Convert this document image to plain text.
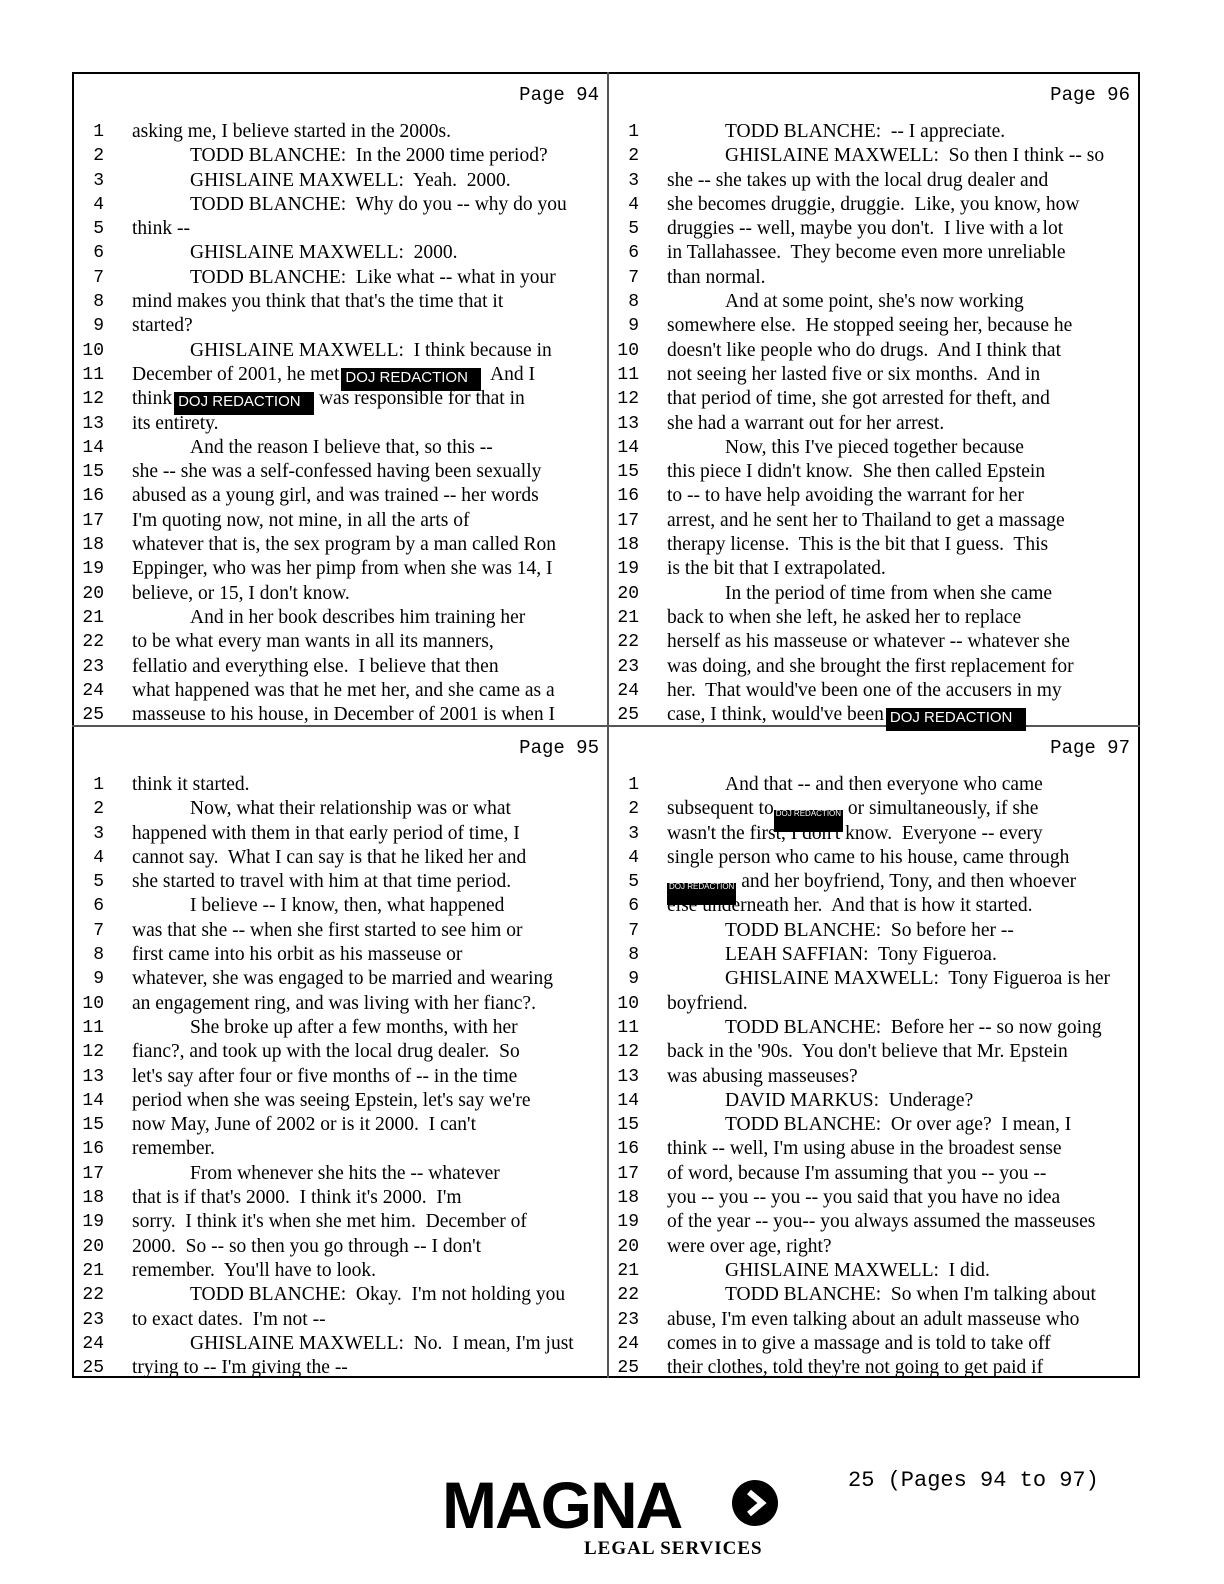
Page 94
1 asking me, I believe started in the 2000s.
2	TODD BLANCHE:  In the 2000 time period?
3	GHISLAINE MAXWELL:  Yeah.  2000.
4	TODD BLANCHE:  Why do you -- why do you
5 think --
6	GHISLAINE MAXWELL:  2000.
7	TODD BLANCHE:  Like what -- what in your
8 mind makes you think that that's the time that it
9 started?
10	GHISLAINE MAXWELL:  I think because in
11 December of 2001, he met DOJ REDACTION  And I
12 think DOJ REDACTION was responsible for that in
13 its entirety.
14	And the reason I believe that, so this --
15 she -- she was a self-confessed having been sexually
16 abused as a young girl, and was trained -- her words
17 I'm quoting now, not mine, in all the arts of
18 whatever that is, the sex program by a man called Ron
19 Eppinger, who was her pimp from when she was 14, I
20 believe, or 15, I don't know.
21	And in her book describes him training her
22 to be what every man wants in all its manners,
23 fellatio and everything else.  I believe that then
24 what happened was that he met her, and she came as a
25 masseuse to his house, in December of 2001 is when I
Page 96
1	TODD BLANCHE:  -- I appreciate.
2	GHISLAINE MAXWELL:  So then I think -- so
3 she -- she takes up with the local drug dealer and
4 she becomes druggie, druggie.  Like, you know, how
5 druggies -- well, maybe you don't.  I live with a lot
6 in Tallahassee.  They become even more unreliable
7 than normal.
8	And at some point, she's now working
9 somewhere else.  He stopped seeing her, because he
10 doesn't like people who do drugs.  And I think that
11 not seeing her lasted five or six months.  And in
12 that period of time, she got arrested for theft, and
13 she had a warrant out for her arrest.
14	Now, this I've pieced together because
15 this piece I didn't know.  She then called Epstein
16 to -- to have help avoiding the warrant for her
17 arrest, and he sent her to Thailand to get a massage
18 therapy license.  This is the bit that I guess.  This
19 is the bit that I extrapolated.
20	In the period of time from when she came
21 back to when she left, he asked her to replace
22 herself as his masseuse or whatever -- whatever she
23 was doing, and she brought the first replacement for
24 her.  That would've been one of the accusers in my
25 case, I think, would've been DOJ REDACTION
Page 95
1 think it started.
2	Now, what their relationship was or what
3 happened with them in that early period of time, I
4 cannot say.  What I can say is that he liked her and
5 she started to travel with him at that time period.
6	I believe -- I know, then, what happened
7 was that she -- when she first started to see him or
8 first came into his orbit as his masseuse or
9 whatever, she was engaged to be married and wearing
10 an engagement ring, and was living with her fianc?.
11	She broke up after a few months, with her
12 fianc?, and took up with the local drug dealer.  So
13 let's say after four or five months of -- in the time
14 period when she was seeing Epstein, let's say we're
15 now May, June of 2002 or is it 2000.  I can't
16 remember.
17	From whenever she hits the -- whatever
18 that is if that's 2000.  I think it's 2000.  I'm
19 sorry.  I think it's when she met him.  December of
20 2000.  So -- so then you go through -- I don't
21 remember.  You'll have to look.
22	TODD BLANCHE:  Okay.  I'm not holding you
23 to exact dates.  I'm not --
24	GHISLAINE MAXWELL:  No.  I mean, I'm just
25 trying to -- I'm giving the --
Page 97
1	And that -- and then everyone who came
2 subsequent to DOJ REDACTION or simultaneously, if she
3 wasn't the first, I don't know.  Everyone -- every
4 single person who came to his house, came through
5	DOJ REDACTION and her boyfriend, Tony, and then whoever
6 else underneath her.  And that is how it started.
7	TODD BLANCHE:  So before her --
8	LEAH SAFFIAN:  Tony Figueroa.
9	GHISLAINE MAXWELL:  Tony Figueroa is her
10 boyfriend.
11	TODD BLANCHE:  Before her -- so now going
12 back in the '90s.  You don't believe that Mr. Epstein
13 was abusing masseuses?
14	DAVID MARKUS:  Underage?
15	TODD BLANCHE:  Or over age?  I mean, I
16 think -- well, I'm using abuse in the broadest sense
17 of word, because I'm assuming that you -- you --
18 you -- you -- you -- you said that you have no idea
19 of the year -- you-- you always assumed the masseuses
20 were over age, right?
21	GHISLAINE MAXWELL:  I did.
22	TODD BLANCHE:  So when I'm talking about
23 abuse, I'm even talking about an adult masseuse who
24 comes in to give a massage and is told to take off
25 their clothes, told they're not going to get paid if
25 (Pages 94 to 97)
MAGNA
LEGAL SERVICES
